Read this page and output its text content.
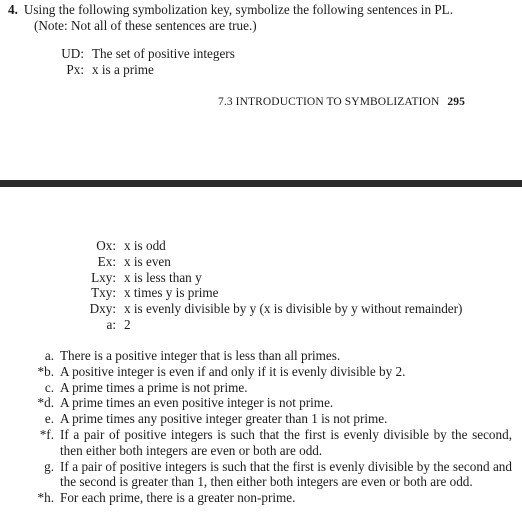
4. Using the following symbolization key, symbolize the following sentences in PL.
(Note: Not all of these sentences are true.)
UD: The set of positive integers
Px: x is a prime
7.3 INTRODUCTION TO SYMBOLIZATION 295
Ox: x is odd
Ex: x is even
Lxy: x is less than y
Txy: x times y is prime
Dxy: x is evenly divisible by y (x is divisible by y without remainder)
a: 2
a. There is a positive integer that is less than all primes.
*b. A positive integer is even if and only if it is evenly divisible by 2.
c. A prime times a prime is not prime.
*d. A prime times an even positive integer is not prime.
e. A prime times any positive integer greater than 1 is not prime.
*f. If a pair of positive integers is such that the first is evenly divisible by the second, then either both integers are even or both are odd.
g. If a pair of positive integers is such that the first is evenly divisible by the second and the second is greater than 1, then either both integers are even or both are odd.
*h. For each prime, there is a greater non-prime.
